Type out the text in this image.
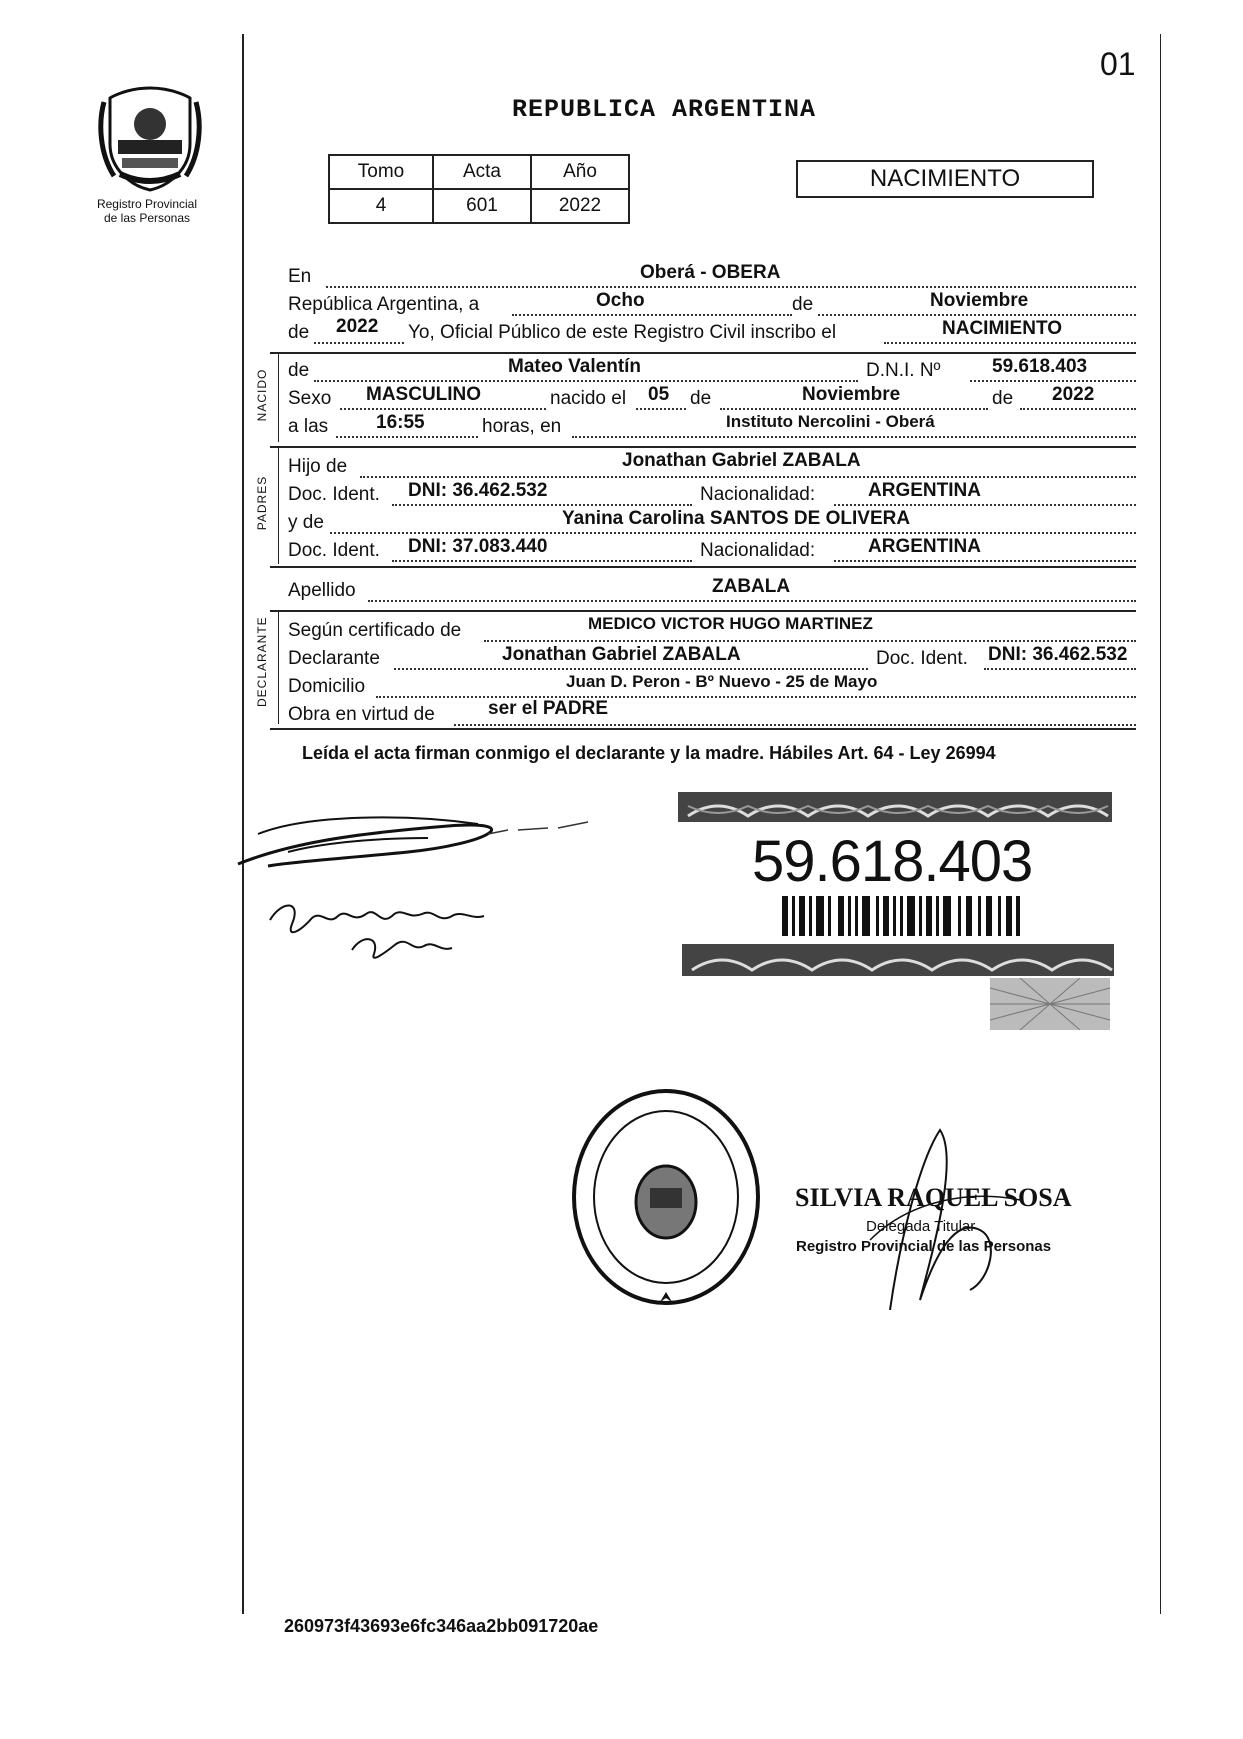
01
REPUBLICA ARGENTINA
Registro Provincial
de las Personas
Tomo	Acta	Año
4	601	2022
NACIMIENTO
En	Oberá - OBERA
República Argentina, a	Ocho	de	Noviembre
de 2022 Yo, Oficial Público de este Registro Civil inscribo el	NACIMIENTO
NACIDO de	Mateo Valentín	D.N.I. Nº	59.618.403
Sexo MASCULINO	nacido el 05 de	Noviembre	de 2022
a las	16:55	horas, en	Instituto Nercolini - Oberá
PADRES
Hijo de	Jonathan Gabriel ZABALA
Doc. Ident. DNI: 36.462.532	Nacionalidad:	ARGENTINA
y de	Yanina Carolina SANTOS DE OLIVERA
Doc. Ident. DNI: 37.083.440	Nacionalidad:	ARGENTINA
Apellido	ZABALA
DECLARANTE Según certificado de	MEDICO VICTOR HUGO MARTINEZ
Declarante	Jonathan Gabriel ZABALA	Doc. Ident. DNI: 36.462.532
Domicilio	Juan D. Peron - Bº Nuevo - 25 de Mayo
Obra en virtud de	ser el PADRE
Leída el acta firman conmigo el declarante y la madre. Hábiles Art. 64 - Ley 26994
59.618.403
SILVIA RAQUEL SOSA
Delegada Titular
Registro Provincial de las Personas
260973f43693e6fc346aa2bb091720ae
